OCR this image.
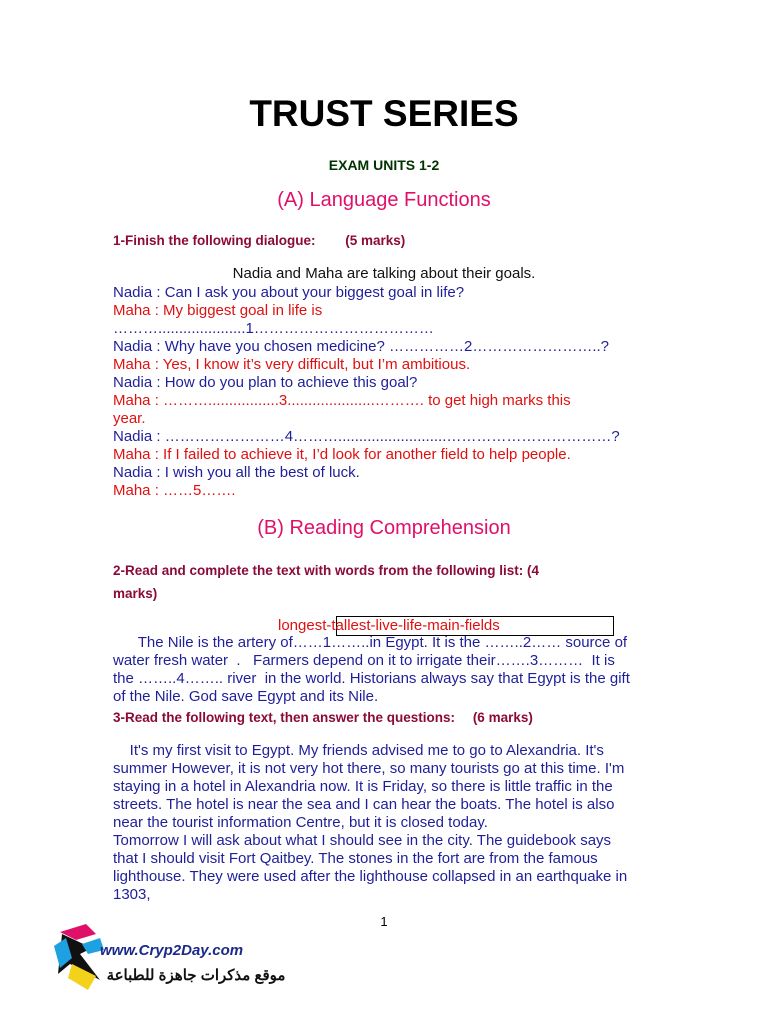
TRUST SERIES
EXAM UNITS 1-2
(A) Language Functions
1-Finish the following dialogue: (5 marks)
Nadia and Maha are talking about their goals.
Nadia : Can I ask you about your biggest goal in life?
Maha : My biggest goal in life is
……….....................1………………………………
Nadia : Why have you chosen medicine? ……………2……………………..?
Maha : Yes, I know it’s very difficult, but I’m ambitious.
Nadia : How do you plan to achieve this goal?
Maha : ……….................3.....................………. to get high marks this
year.
Nadia : ……………………4………..........................……………………………?
Maha : If I failed to achieve it, I’d look for another field to help people.
Nadia : I wish you all the best of luck.
Maha : ……5…….
(B) Reading Comprehension
2-Read and complete the text with words from the following list: (4
marks)
longest-tallest-live-life-main-fields
The Nile is the artery of……1……..in Egypt. It is the ……..2…… source of
water fresh water  .   Farmers depend on it to irrigate their…….3………  It is
the ……..4…….. river  in the world. Historians always say that Egypt is the gift
of the Nile. God save Egypt and its Nile.
3-Read the following text, then answer the questions: (6 marks)
It's my first visit to Egypt. My friends advised me to go to Alexandria. It's
summer However, it is not very hot there, so many tourists go at this time. I'm
staying in a hotel in Alexandria now. It is Friday, so there is little traffic in the
streets. The hotel is near the sea and I can hear the boats. The hotel is also
near the tourist information Centre, but it is closed today.
Tomorrow I will ask about what I should see in the city. The guidebook says
that I should visit Fort Qaitbey. The stones in the fort are from the famous
lighthouse. They were used after the lighthouse collapsed in an earthquake in
1303,
1
www.Cryp2Day.com
موقع مذكرات جاهزة للطباعة
